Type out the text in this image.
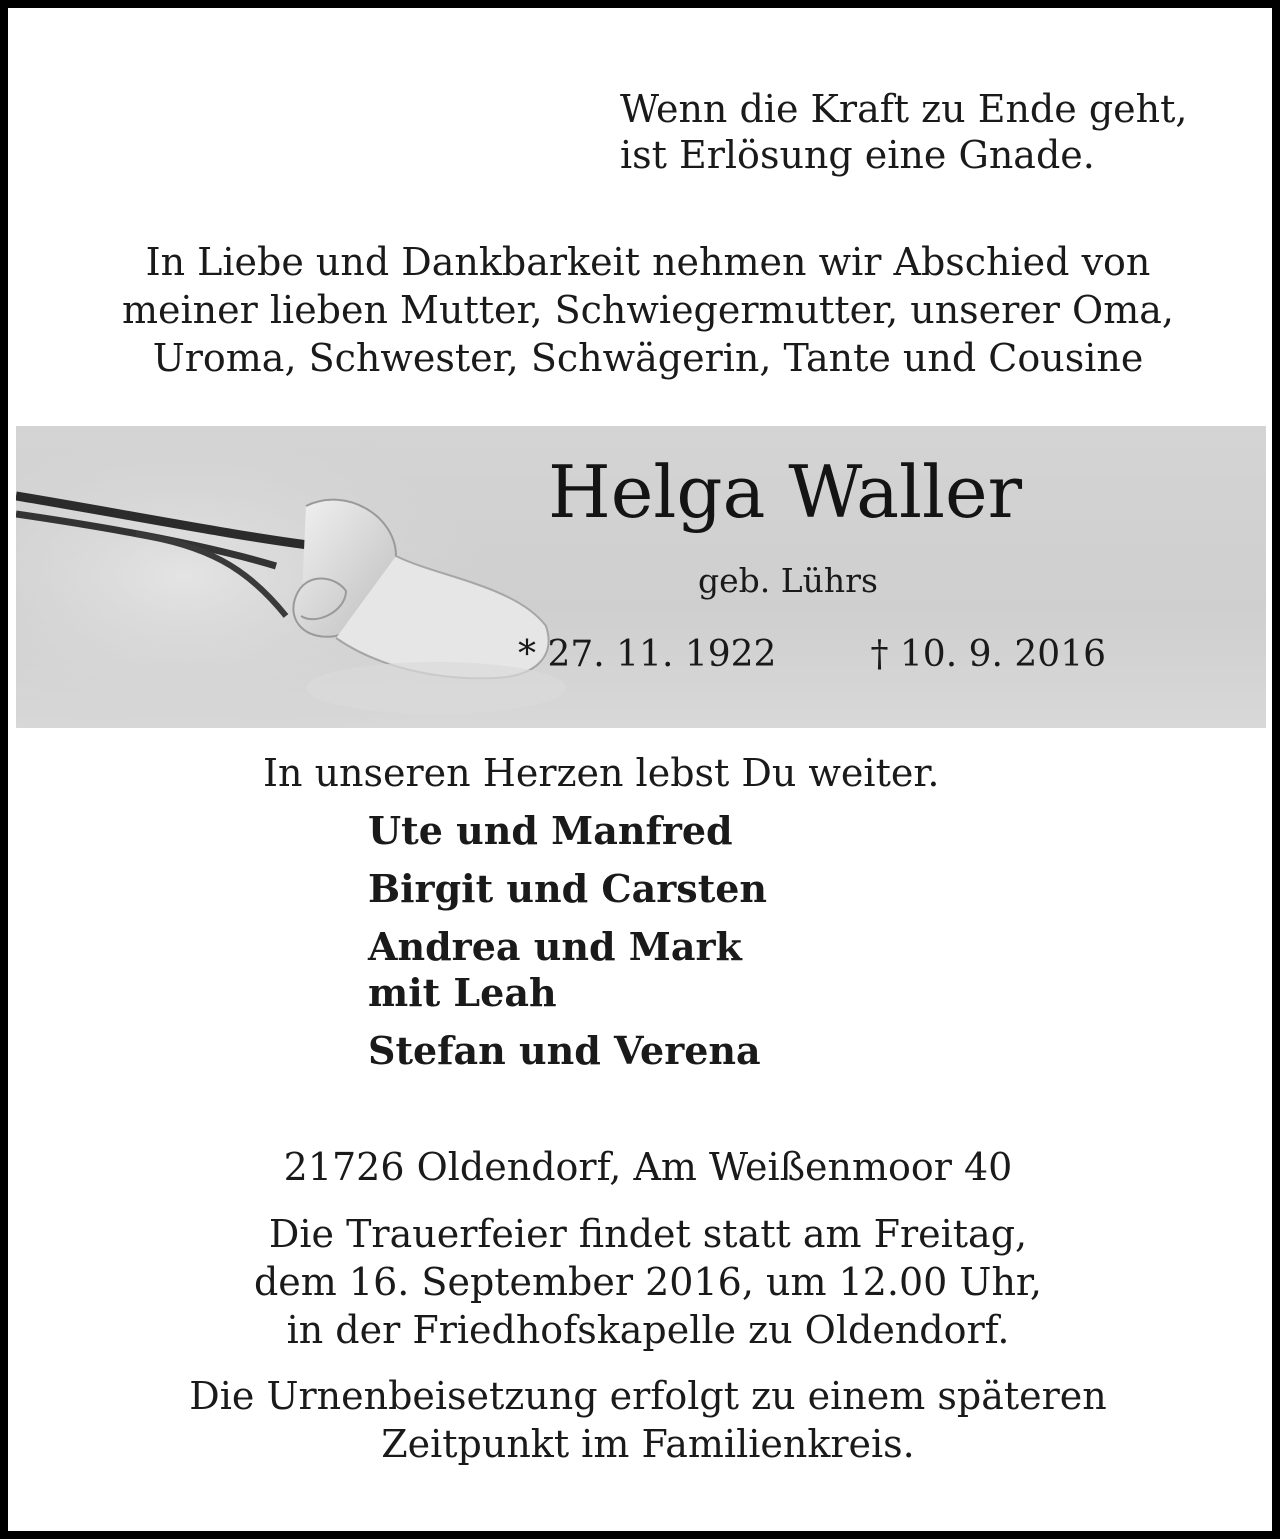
Wenn die Kraft zu Ende geht,
ist Erlösung eine Gnade.

In Liebe und Dankbarkeit nehmen wir Abschied von
meiner lieben Mutter, Schwiegermutter, unserer Oma,
Uroma, Schwester, Schwägerin, Tante und Cousine

Helga Waller

geb. Lührs

* 27. 11. 1922	† 10. 9. 2016

In unseren Herzen lebst Du weiter.

Ute und Manfred
Birgit und Carsten
Andrea und Mark
mit Leah
Stefan und Verena

21726 Oldendorf, Am Weißenmoor 40

Die Trauerfeier findet statt am Freitag,
dem 16. September 2016, um 12.00 Uhr,
in der Friedhofskapelle zu Oldendorf.

Die Urnenbeisetzung erfolgt zu einem späteren
Zeitpunkt im Familienkreis.
